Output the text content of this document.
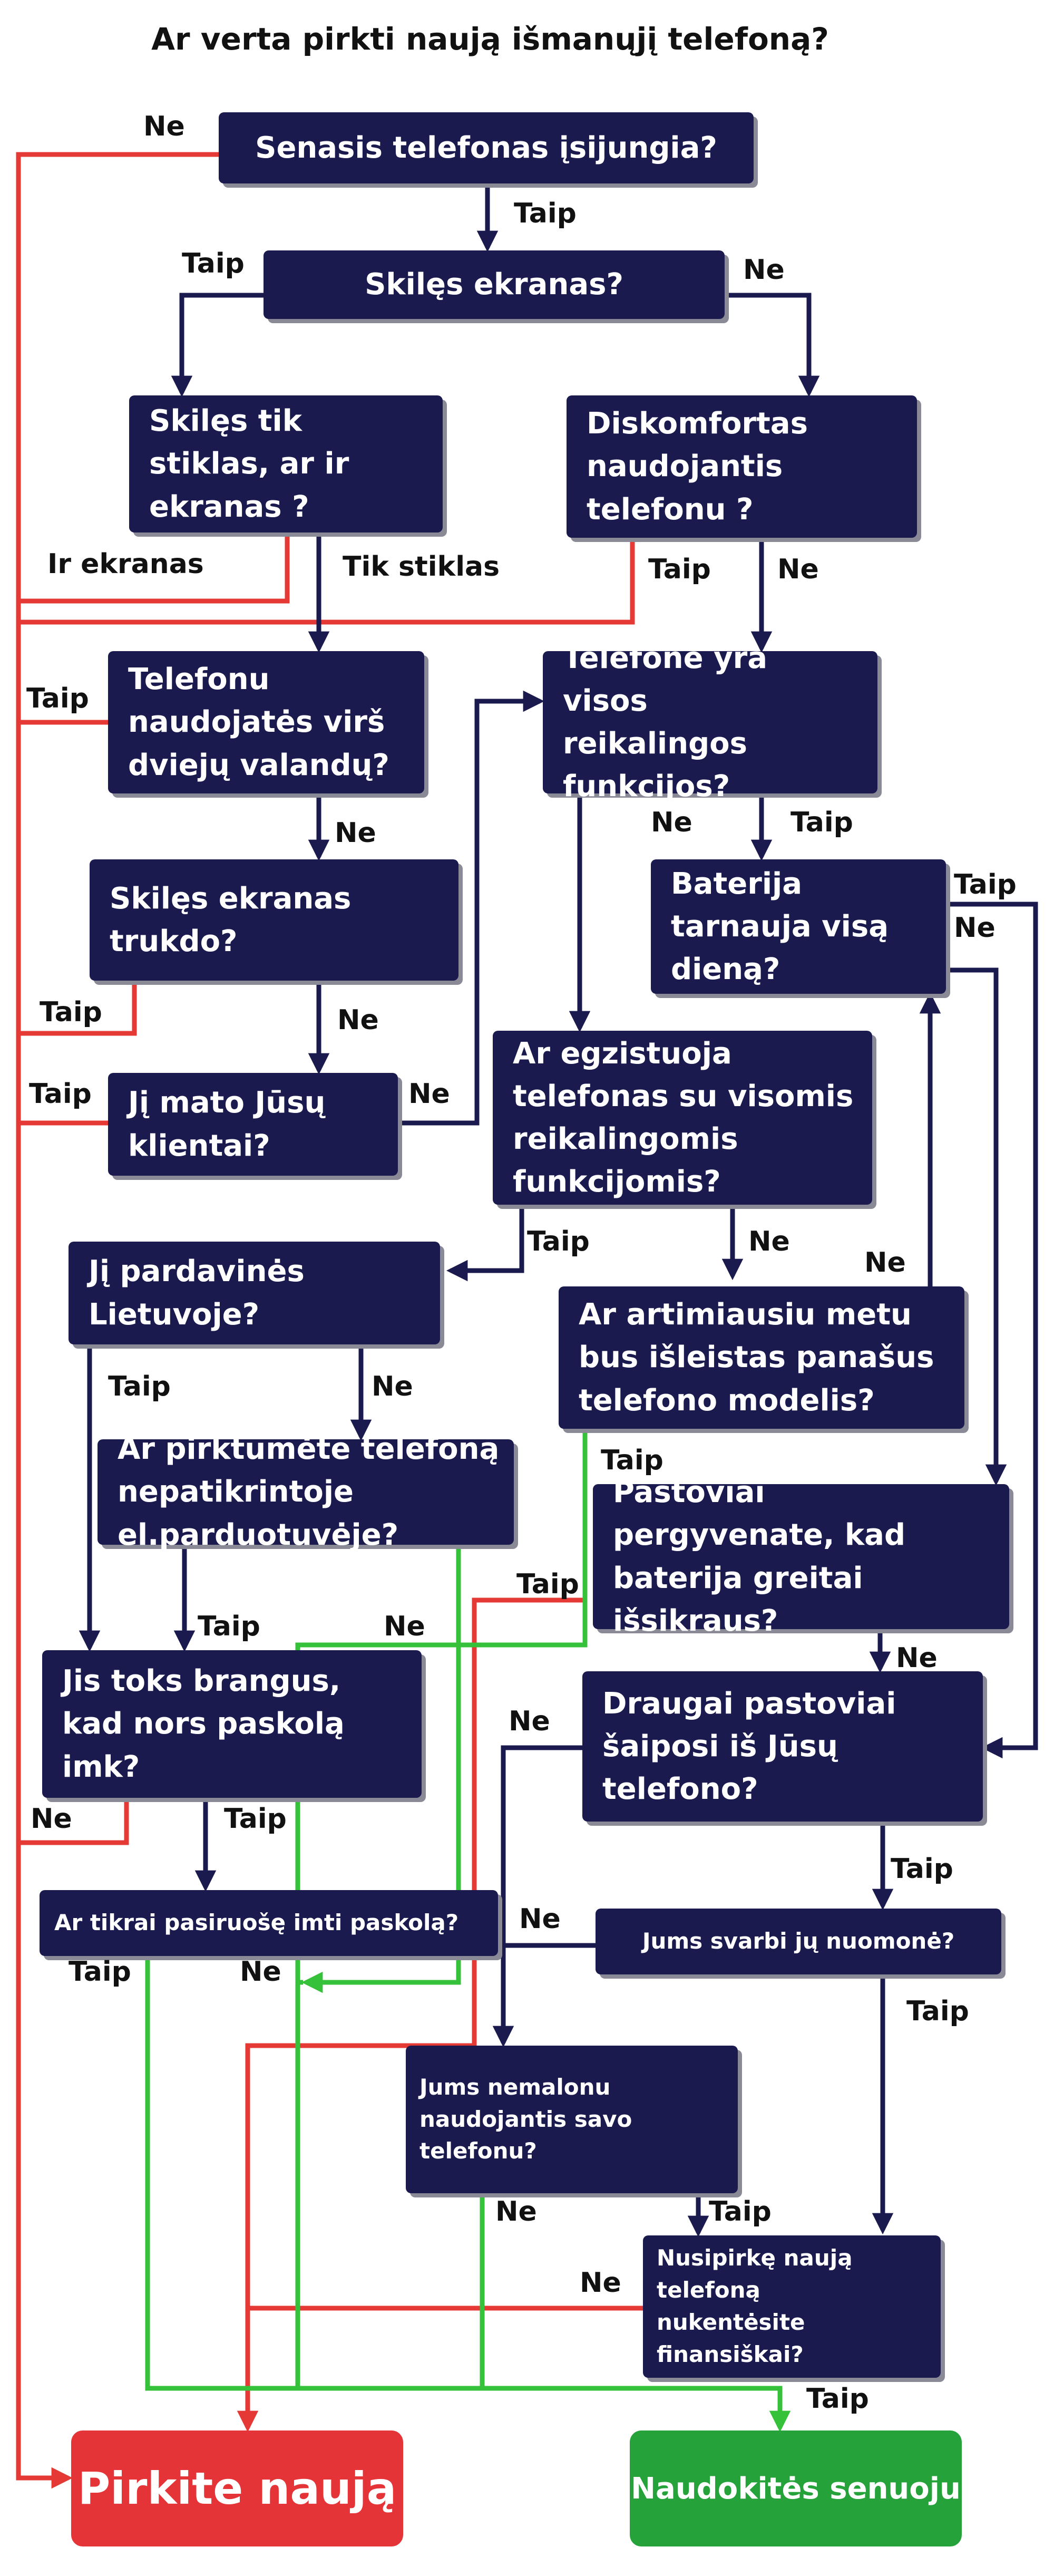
Ar verta pirkti naują išmanųjį telefoną?
Senasis telefonas įsijungia?
Skilęs ekranas?
Skilęs tik stiklas, ar ir ekranas ?
Diskomfortas naudojantis telefonu ?
Telefonu naudojatės virš dviejų valandų?
Telefone yra visos reikalingos funkcijos?
Skilęs ekranas trukdo?
Baterija tarnauja visą dieną?
Jį mato Jūsų klientai?
Ar egzistuoja telefonas su visomis reikalingomis funkcijomis?
Jį pardavinės Lietuvoje?	Ar artimiausiu metu bus išleistas panašus telefono modelis?
Ar pirktumėte telefoną nepatikrintoje el.parduotuvėje?
Pastoviai pergyvenate, kad baterija greitai išsikraus?
Jis toks brangus, kad nors paskolą imk?
Draugai pastoviai šaiposi iš Jūsų telefono?
Ar tikrai pasiruošę imti paskolą?
Jums svarbi jų nuomonė?
Jums nemalonu naudojantis savo telefonu?
Nusipirkę naują telefoną nukentėsite finansiškai?
Pirkite naują	Naudokitės senuoju
Ne
Taip
Taip	Ne
Ir ekranas	Tik stiklas	Taip Ne
Taip
Ne	Taip
Taip
Ne
Taip
Ne
Taip
Ne
Ne
Taip	Ne
Taip	Ne
Taip
Taip	Ne
Ne
Ne
Taip
Taip
Ne
Taip
Ne
Taip	Ne
Taip
Ne
Taip
Taip
Ne
Ne
